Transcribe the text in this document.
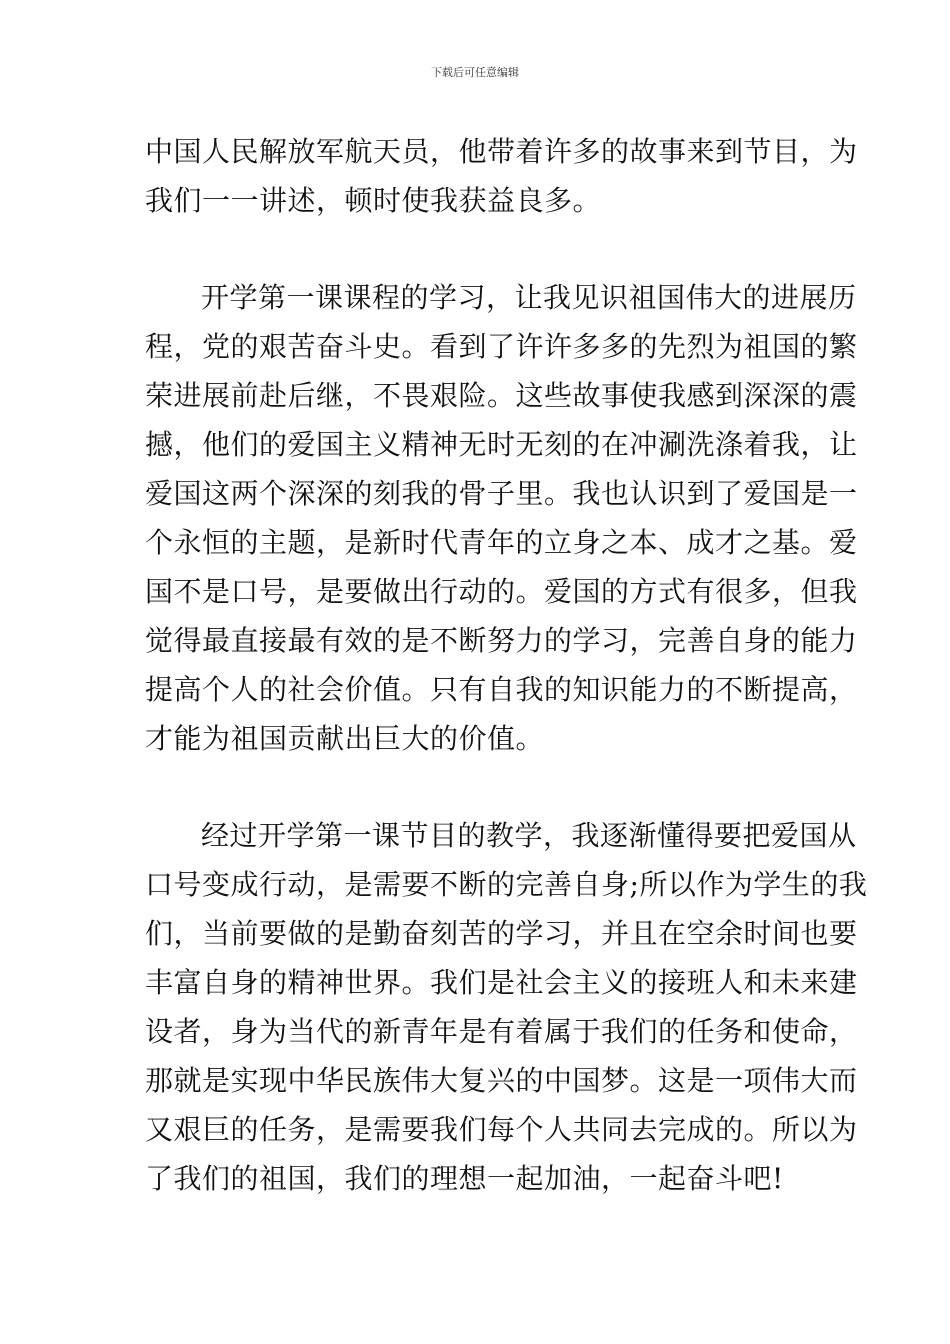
下载后可任意编辑
中国人民解放军航天员，他带着许多的故事来到节目，为
我们一一讲述，顿时使我获益良多。
开学第一课课程的学习，让我见识祖国伟大的进展历
程，党的艰苦奋斗史。看到了许许多多的先烈为祖国的繁
荣进展前赴后继，不畏艰险。这些故事使我感到深深的震
撼，他们的爱国主义精神无时无刻的在冲涮洗涤着我，让
爱国这两个深深的刻我的骨子里。我也认识到了爱国是一
个永恒的主题，是新时代青年的立身之本、成才之基。爱
国不是口号，是要做出行动的。爱国的方式有很多，但我
觉得最直接最有效的是不断努力的学习，完善自身的能力
提高个人的社会价值。只有自我的知识能力的不断提高，
才能为祖国贡献出巨大的价值。
经过开学第一课节目的教学，我逐渐懂得要把爱国从
口号变成行动，是需要不断的完善自身;所以作为学生的我
们，当前要做的是勤奋刻苦的学习，并且在空余时间也要
丰富自身的精神世界。我们是社会主义的接班人和未来建
设者，身为当代的新青年是有着属于我们的任务和使命，
那就是实现中华民族伟大复兴的中国梦。这是一项伟大而
又艰巨的任务，是需要我们每个人共同去完成的。所以为
了我们的祖国，我们的理想一起加油，一起奋斗吧!
